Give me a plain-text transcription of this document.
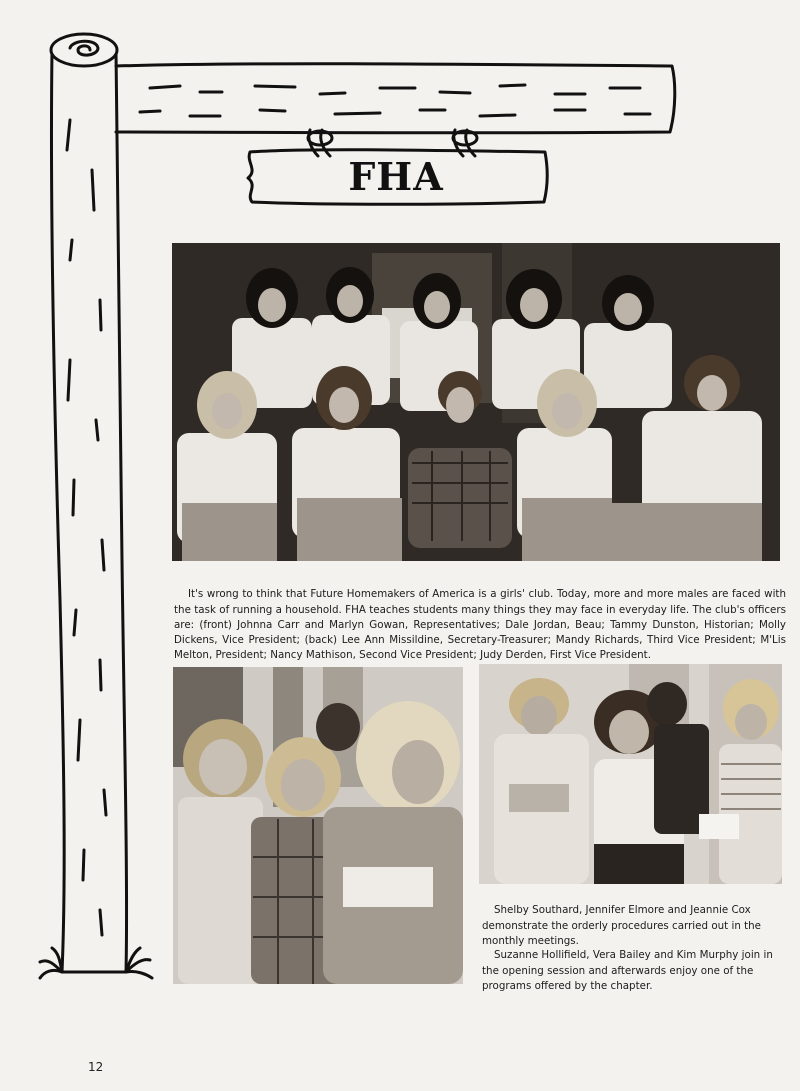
FHA

It's wrong to think that Future Homemakers of America is a girls' club. Today, more and more males are faced with the task of running a household. FHA teaches students many things they may face in everyday life. The club's officers are: (front) Johnna Carr and Marlyn Gowan, Representatives; Dale Jordan, Beau; Tammy Dunston, Historian; Molly Dickens, Vice President; (back) Lee Ann Missildine, Secretary-Treasurer; Mandy Richards, Third Vice President; M'Lis Melton, President; Nancy Mathison, Second Vice President; Judy Derden, First Vice President.

Shelby Southard, Jennifer Elmore and Jeannie Cox demonstrate the orderly procedures carried out in the monthly meetings.

Suzanne Hollifield, Vera Bailey and Kim Murphy join in the opening session and afterwards enjoy one of the programs offered by the chapter.

12
